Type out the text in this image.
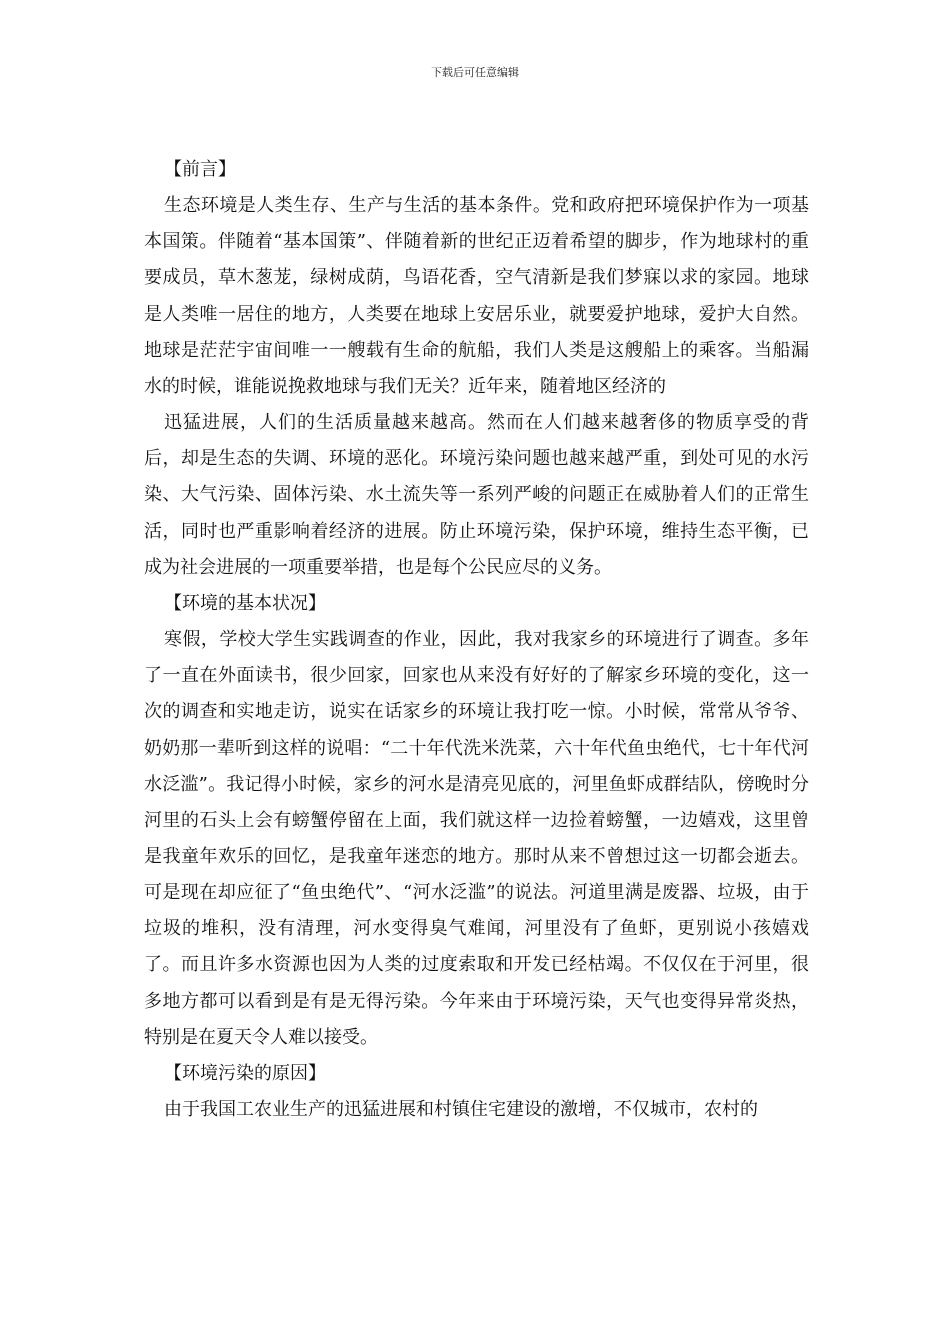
下载后可任意编辑

【前言】

生态环境是人类生存、生产与生活的基本条件。党和政府把环境保护作为一项基本国策。伴随着“基本国策”、伴随着新的世纪正迈着希望的脚步，作为地球村的重要成员，草木葱茏，绿树成荫，鸟语花香，空气清新是我们梦寐以求的家园。地球是人类唯一居住的地方，人类要在地球上安居乐业，就要爱护地球，爱护大自然。地球是茫茫宇宙间唯一一艘载有生命的航船，我们人类是这艘船上的乘客。当船漏水的时候，谁能说挽救地球与我们无关？近年来，随着地区经济的

迅猛进展，人们的生活质量越来越高。然而在人们越来越奢侈的物质享受的背后，却是生态的失调、环境的恶化。环境污染问题也越来越严重，到处可见的水污染、大气污染、固体污染、水土流失等一系列严峻的问题正在威胁着人们的正常生活，同时也严重影响着经济的进展。防止环境污染，保护环境，维持生态平衡，已成为社会进展的一项重要举措，也是每个公民应尽的义务。

【环境的基本状况】

寒假，学校大学生实践调查的作业，因此，我对我家乡的环境进行了调查。多年了一直在外面读书，很少回家，回家也从来没有好好的了解家乡环境的变化，这一次的调查和实地走访，说实在话家乡的环境让我打吃一惊。小时候，常常从爷爷、奶奶那一辈听到这样的说唱：“二十年代洗米洗菜，六十年代鱼虫绝代，七十年代河水泛滥”。我记得小时候，家乡的河水是清亮见底的，河里鱼虾成群结队，傍晚时分河里的石头上会有螃蟹停留在上面，我们就这样一边捡着螃蟹，一边嬉戏，这里曾是我童年欢乐的回忆，是我童年迷恋的地方。那时从来不曾想过这一切都会逝去。可是现在却应征了“鱼虫绝代”、“河水泛滥”的说法。河道里满是废器、垃圾，由于垃圾的堆积，没有清理，河水变得臭气难闻，河里没有了鱼虾，更别说小孩嬉戏了。而且许多水资源也因为人类的过度索取和开发已经枯竭。不仅仅在于河里，很多地方都可以看到是有是无得污染。今年来由于环境污染，天气也变得异常炎热，特别是在夏天令人难以接受。

【环境污染的原因】

由于我国工农业生产的迅猛进展和村镇住宅建设的激增，不仅城市，农村的
